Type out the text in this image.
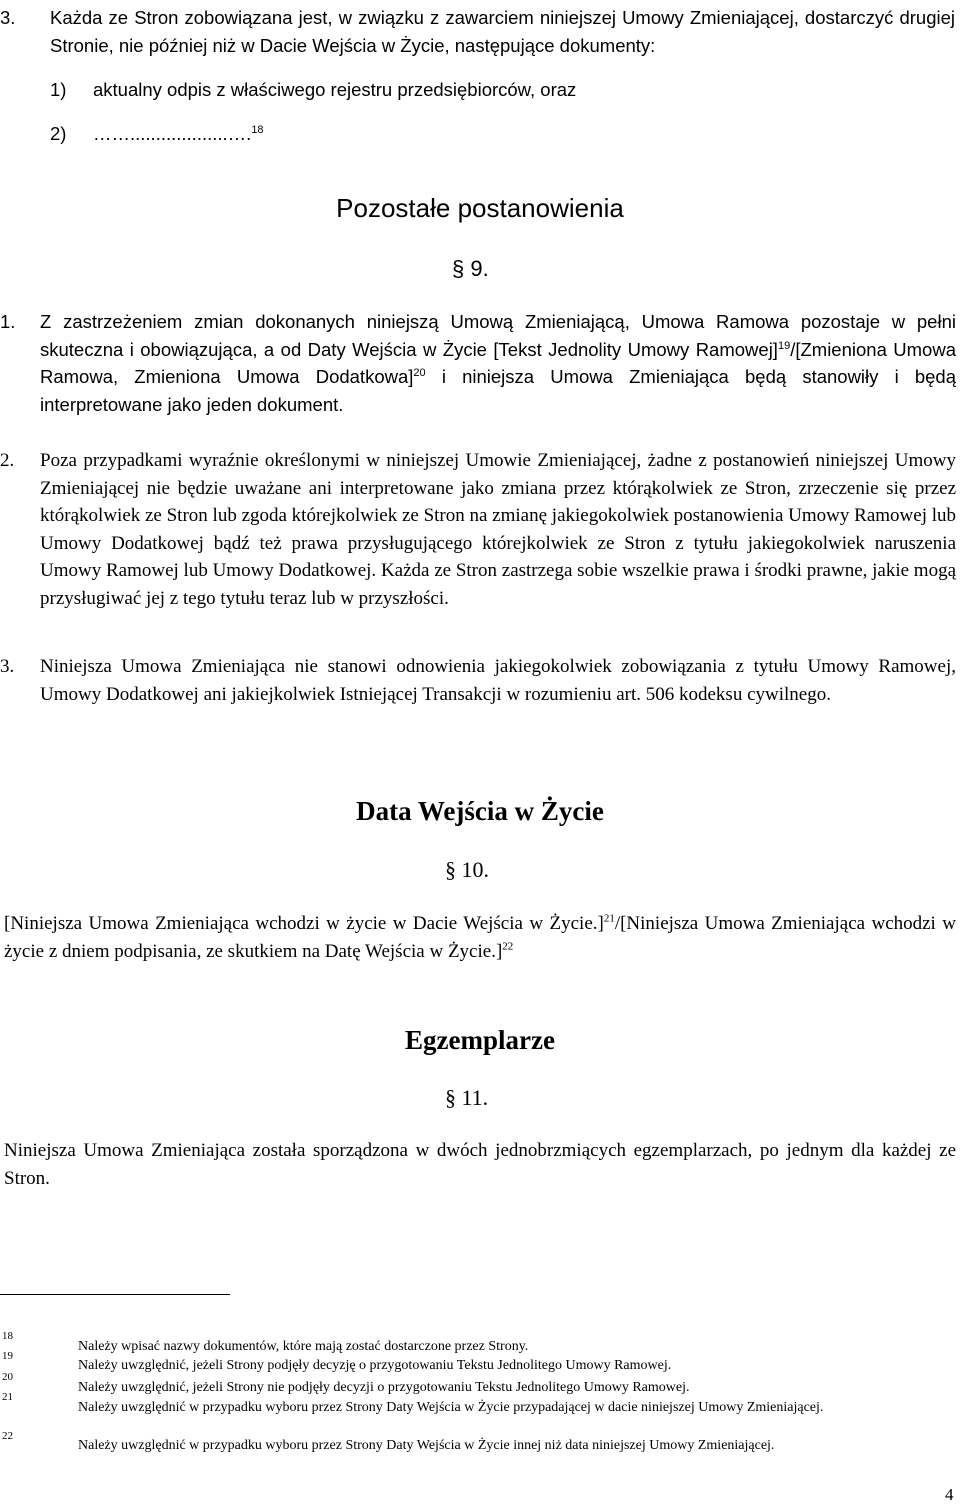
3. Każda ze Stron zobowiązana jest, w związku z zawarciem niniejszej Umowy Zmieniającej, dostarczyć drugiej Stronie, nie później niż w Dacie Wejścia w Życie, następujące dokumenty:
1) aktualny odpis z właściwego rejestru przedsiębiorców, oraz
2) ……...................….$^{18}$
Pozostałe postanowienia
§ 9.
1. Z zastrzeżeniem zmian dokonanych niniejszą Umową Zmieniającą, Umowa Ramowa pozostaje w pełni skuteczna i obowiązująca, a od Daty Wejścia w Życie [Tekst Jednolity Umowy Ramowej]$^{19}$/[Zmieniona Umowa Ramowa, Zmieniona Umowa Dodatkowa]$^{20}$ i niniejsza Umowa Zmieniająca będą stanowiły i będą interpretowane jako jeden dokument.
2. Poza przypadkami wyraźnie określonymi w niniejszej Umowie Zmieniającej, żadne z postanowień niniejszej Umowy Zmieniającej nie będzie uważane ani interpretowane jako zmiana przez którąkolwiek ze Stron, zrzeczenie się przez którąkolwiek ze Stron lub zgoda którejkolwiek ze Stron na zmianę jakiegokolwiek postanowienia Umowy Ramowej lub Umowy Dodatkowej bądź też prawa przysługującego którejkolwiek ze Stron z tytułu jakiegokolwiek naruszenia Umowy Ramowej lub Umowy Dodatkowej. Każda ze Stron zastrzega sobie wszelkie prawa i środki prawne, jakie mogą przysługiwać jej z tego tytułu teraz lub w przyszłości.
3. Niniejsza Umowa Zmieniająca nie stanowi odnowienia jakiegokolwiek zobowiązania z tytułu Umowy Ramowej, Umowy Dodatkowej ani jakiejkolwiek Istniejącej Transakcji w rozumieniu art. 506 kodeksu cywilnego.
Data Wejścia w Życie
§ 10.
[Niniejsza Umowa Zmieniająca wchodzi w życie w Dacie Wejścia w Życie.]$^{21}$/[Niniejsza Umowa Zmieniająca wchodzi w życie z dniem podpisania, ze skutkiem na Datę Wejścia w Życie.]$^{22}$
Egzemplarze
§ 11.
Niniejsza Umowa Zmieniająca została sporządzona w dwóch jednobrzmiących egzemplarzach, po jednym dla każdej ze Stron.
18
Należy wpisać nazwy dokumentów, które mają zostać dostarczone przez Strony.
19
Należy uwzględnić, jeżeli Strony podjęły decyzję o przygotowaniu Tekstu Jednolitego Umowy Ramowej.
20
Należy uwzględnić, jeżeli Strony nie podjęły decyzji o przygotowaniu Tekstu Jednolitego Umowy Ramowej.
21
Należy uwzględnić w przypadku wyboru przez Strony Daty Wejścia w Życie przypadającej w dacie niniejszej Umowy Zmieniającej.
22
Należy uwzględnić w przypadku wyboru przez Strony Daty Wejścia w Życie innej niż data niniejszej Umowy Zmieniającej.
4
